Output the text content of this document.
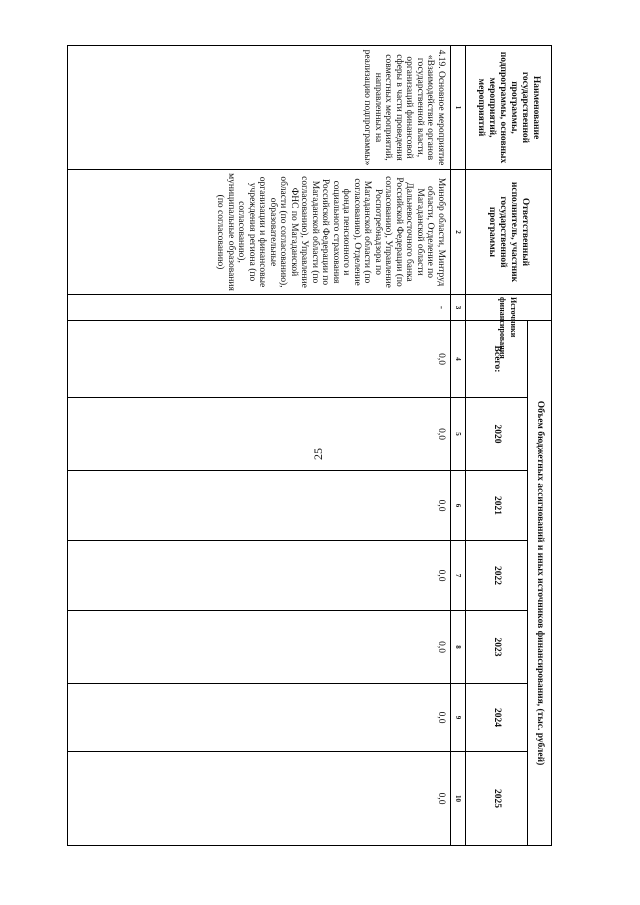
25
Наименование государственной программы, подпрограммы, основных мероприятий, мероприятий	Ответственный исполнитель, участник государственной программы	Источники финансирования	Объем бюджетных ассигнований и иных источников финансирования, (тыс. рублей)						
			Всего:	2020	2021	2022	2023	2024	2025
1	2	3	4	5	6	7	8	9	10
4.19. Основное мероприятие «Взаимодействие органов государственной власти, организаций финансовой сферы в части проведения совместных мероприятий, направленных на реализацию подпрограммы»	Минобр области, Минтруд области, Отделение по Магаданской области Дальневосточного банка Российской Федерации (по согласованию), Управление Роспотребнадзора по Магаданской области (по согласованию), Отделение фонда пенсионного и социального страхования Российской Федерации по Магаданской области (по согласованию), Управление ФНС по Магаданской области (по согласованию), образовательные организации и финансовые учреждения региона (по согласованию), муниципальные образования (по согласованию)	-	0,0	0,0	0,0	0,0	0,0	0,0	0,0
